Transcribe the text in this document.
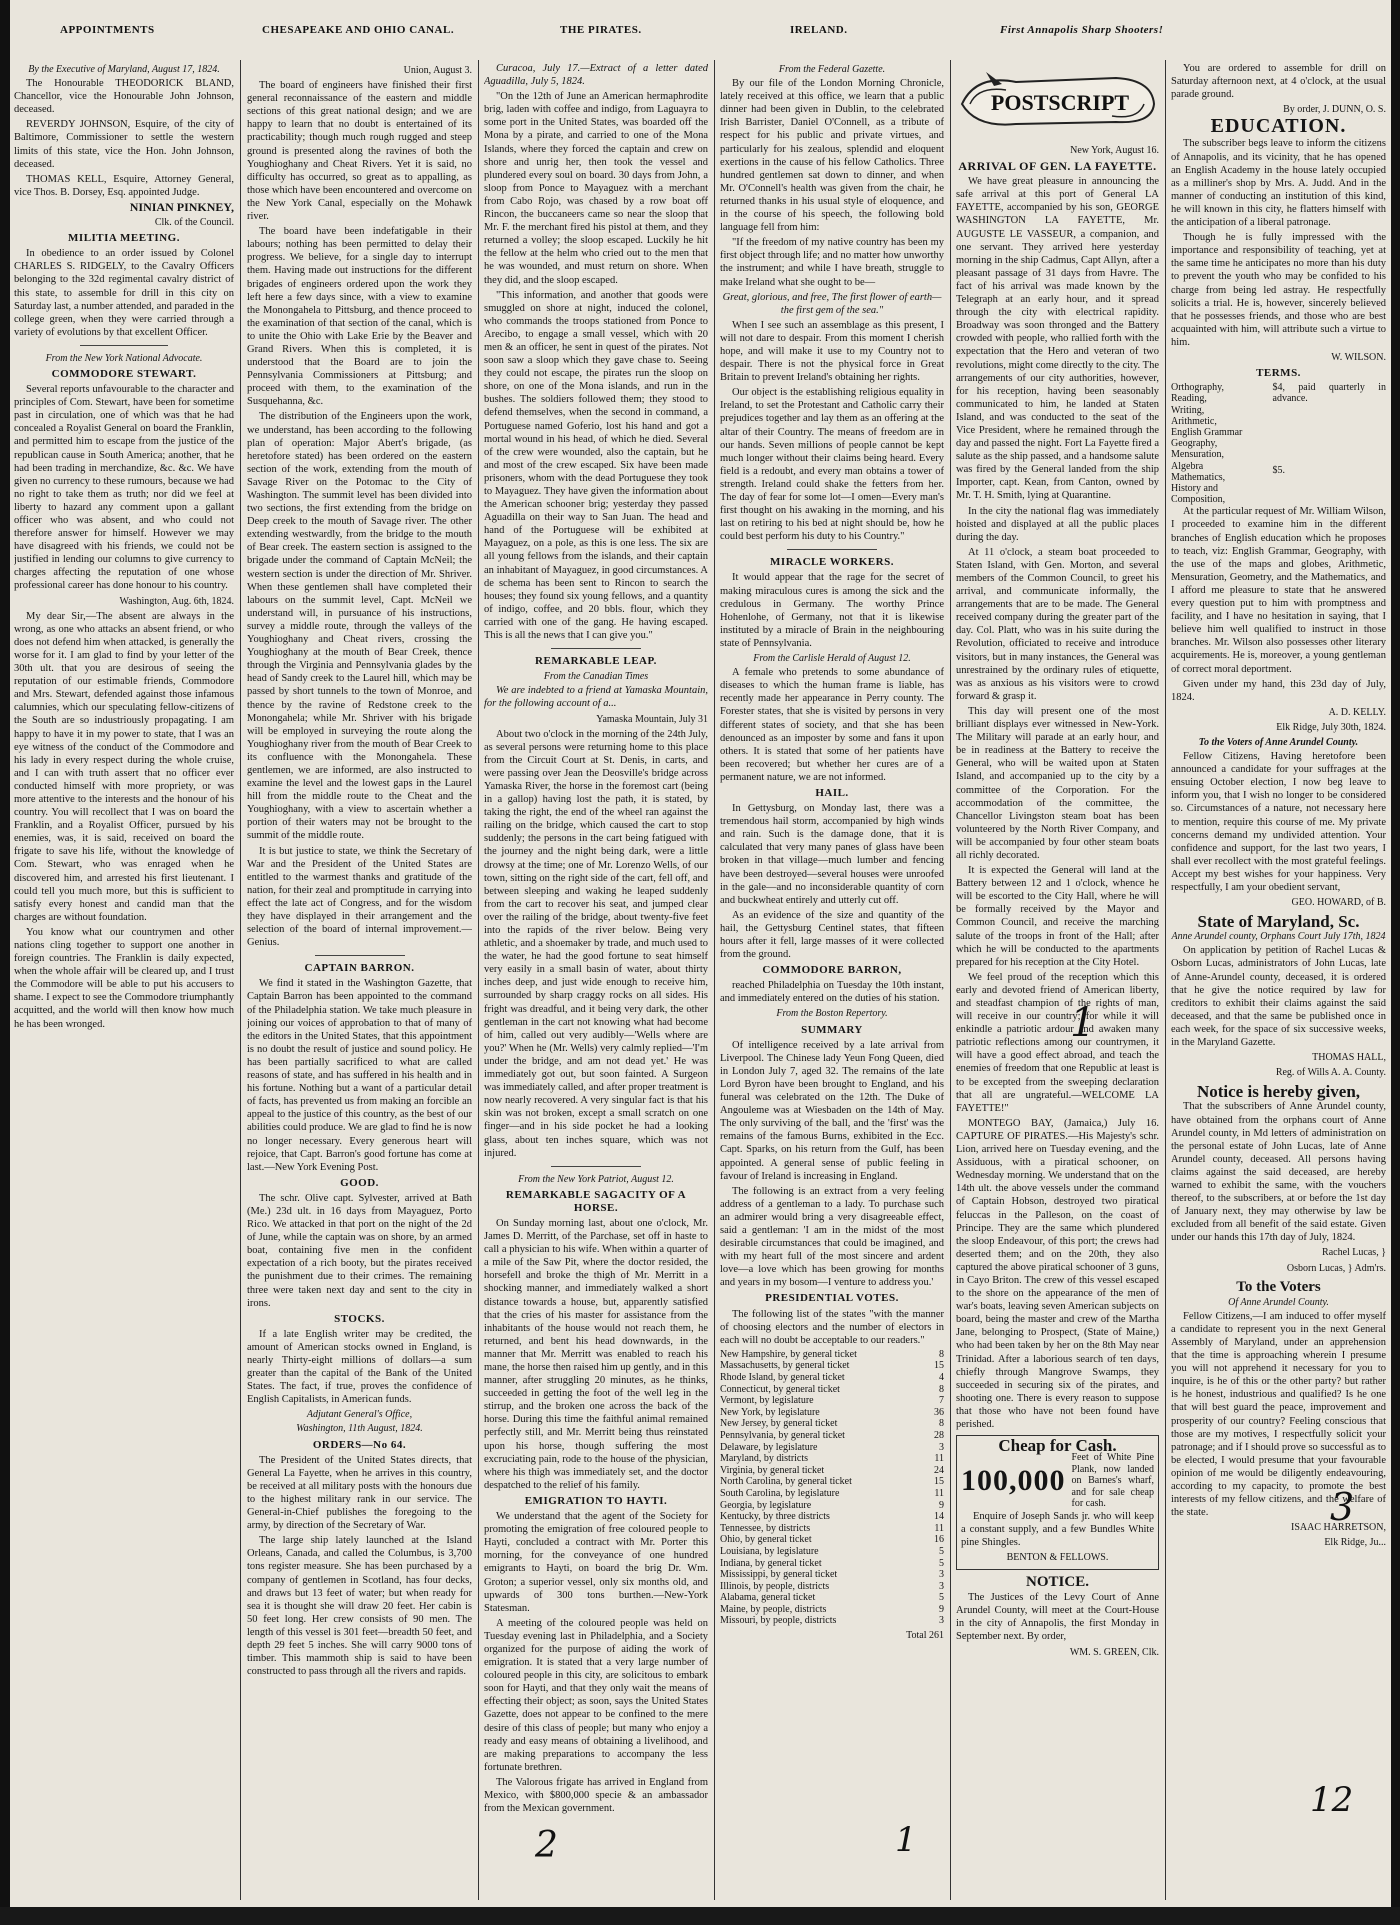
APPOINTMENTS	CHESAPEAKE AND OHIO CANAL.	THE PIRATES.	IRELAND.	First Annapolis Sharp Shooters!
By the Executive of Maryland, August 17, 1824.

The Honourable THEODORICK BLAND, Chancellor, vice the Honourable John Johnson, deceased.

REVERDY JOHNSON, Esquire, of the city of Baltimore, Commissioner to settle the western limits of this state, vice the Hon. John Johnson, deceased.

THOMAS KELL, Esquire, Attorney General, vice Thos. B. Dorsey, Esq. appointed Judge.

NINIAN PINKNEY,
Clk. of the Council.
MILITIA MEETING.

In obedience to an order issued by Colonel CHARLES S. RIDGELY, to the Cavalry Officers belonging to the 32d regimental cavalry district of this state, to assemble for drill in this city on Saturday last, a number attended, and paraded in the college green, when they were carried through a variety of evolutions by that excellent Officer.

From the New York National Advocate.
COMMODORE STEWART.

Several reports unfavourable to the character and principles of Com. Stewart, have been for sometime past in circulation, one of which was that he had concealed a Royalist General on board the Franklin, and permitted him to escape from the justice of the republican cause in South America; another, that he had been trading in merchandize, &c. &c. We have given no currency to these rumours, because we had no right to take them as truth; nor did we feel at liberty to hazard any comment upon a gallant officer who was absent, and who could not therefore answer for himself. However we may have disagreed with his friends, we could not be justified in lending our columns to give currency to charges affecting the reputation of one whose professional career has done honour to his country.

Washington, Aug. 6th, 1824.

My dear Sir,—The absent are always in the wrong, as one who attacks an absent friend, or who does not defend him when attacked, is generally the worse for it. I am glad to find by your letter of the 30th ult. that you are desirous of seeing the reputation of our estimable friends, Commodore and Mrs. Stewart, defended against those infamous calumnies, which our speculating fellow-citizens of the South are so industriously propagating. I am happy to have it in my power to state, that I was an eye witness of the conduct of the Commodore and his lady in every respect during the whole cruise, and I can with truth assert that no officer ever conducted himself with more propriety, or was more attentive to the interests and the honour of his country. You will recollect that I was on board the Franklin, and a Royalist Officer, pursued by his enemies, was, it is said, received on board the frigate to save his life, without the knowledge of Com. Stewart, who was enraged when he discovered him, and arrested his first lieutenant. I could tell you much more, but this is sufficient to satisfy every honest and candid man that the charges are without foundation.

You know what our countrymen and other nations cling together to support one another in foreign countries. The Franklin is daily expected, when the whole affair will be cleared up, and I trust the Commodore will be able to put his accusers to shame. I expect to see the Commodore triumphantly acquitted, and the world will then know how much he has been wronged.

Union, August 3.

The board of engineers have finished their first general reconnaissance of the eastern and middle sections of this great national design; and we are happy to learn that no doubt is entertained of its practicability; though much rough rugged and steep ground is presented along the ravines of both the Youghioghany and Cheat Rivers. Yet it is said, no difficulty has occurred, so great as to appalling, as those which have been encountered and overcome on the New York Canal, especially on the Mohawk river.

The board have been indefatigable in their labours; nothing has been permitted to delay their progress. We believe, for a single day to interrupt them. Having made out instructions for the different brigades of engineers ordered upon the work they left here a few days since, with a view to examine the Monongahela to Pittsburg, and thence proceed to the examination of that section of the canal, which is to unite the Ohio with Lake Erie by the Beaver and Grand Rivers. When this is completed, it is understood that the Board are to join the Pennsylvania Commissioners at Pittsburg; and proceed with them, to the examination of the Susquehanna, &c.

The distribution of the Engineers upon the work, we understand, has been according to the following plan of operation: Major Abert's brigade, (as heretofore stated) has been ordered on the eastern section of the work, extending from the mouth of Savage River on the Potomac to the City of Washington. The summit level has been divided into two sections, the first extending from the bridge on Deep creek to the mouth of Savage river. The other extending westwardly, from the bridge to the mouth of Bear creek. The eastern section is assigned to the brigade under the command of Captain McNeil; the western section is under the direction of Mr. Shriver. When these gentlemen shall have completed their labours on the summit level, Capt. McNeil we understand will, in pursuance of his instructions, survey a middle route, through the valleys of the Youghioghany and Cheat rivers, crossing the Youghioghany at the mouth of Bear Creek, thence through the Virginia and Pennsylvania glades by the head of Sandy creek to the Laurel hill, which may be passed by short tunnels to the town of Monroe, and thence by the ravine of Redstone creek to the Monongahela; while Mr. Shriver with his brigade will be employed in surveying the route along the Youghioghany river from the mouth of Bear Creek to its confluence with the Monongahela. These gentlemen, we are informed, are also instructed to examine the level and the lowest gaps in the Laurel hill from the middle route to the Cheat and the Youghioghany, with a view to ascertain whether a portion of their waters may not be brought to the summit of the middle route.

It is but justice to state, we think the Secretary of War and the President of the United States are entitled to the warmest thanks and gratitude of the nation, for their zeal and promptitude in carrying into effect the late act of Congress, and for the wisdom they have displayed in their arrangement and the selection of the board of internal improvement.—Genius.

CAPTAIN BARRON.

We find it stated in the Washington Gazette, that Captain Barron has been appointed to the command of the Philadelphia station. We take much pleasure in joining our voices of approbation to that of many of the editors in the United States, that this appointment is no doubt the result of justice and sound policy. He has been partially sacrificed to what are called reasons of state, and has suffered in his health and in his fortune. Nothing but a want of a particular detail of facts, has prevented us from making an forcible an appeal to the justice of this country, as the best of our abilities could produce. We are glad to find he is now no longer necessary. Every generous heart will rejoice, that Capt. Barron's good fortune has come at last.—New York Evening Post.

GOOD.

The schr. Olive capt. Sylvester, arrived at Bath (Me.) 23d ult. in 16 days from Mayaguez, Porto Rico. We attacked in that port on the night of the 2d of June, while the captain was on shore, by an armed boat, containing five men in the confident expectation of a rich booty, but the pirates received the punishment due to their crimes. The remaining three were taken next day and sent to the city in irons.

STOCKS.

If a late English writer may be credited, the amount of American stocks owned in England, is nearly Thirty-eight millions of dollars—a sum greater than the capital of the Bank of the United States. The fact, if true, proves the confidence of English Capitalists, in American funds.

Adjutant General's Office,
Washington, 11th August, 1824.
ORDERS—No 64.

The President of the United States directs, that General La Fayette, when he arrives in this country, be received at all military posts with the honours due to the highest military rank in our service. The General-in-Chief publishes the foregoing to the army, by direction of the Secretary of War.

The large ship lately launched at the Island Orleans, Canada, and called the Columbus, is 3,700 tons register measure. She has been purchased by a company of gentlemen in Scotland, has four decks, and draws but 13 feet of water; but when ready for sea it is thought she will draw 20 feet. Her cabin is 50 feet long. Her crew consists of 90 men. The length of this vessel is 301 feet—breadth 50 feet, and depth 29 feet 5 inches. She will carry 9000 tons of timber. This mammoth ship is said to have been constructed to pass through all the rivers and rapids.

Curacoa, July 17.—Extract of a letter dated Aguadilla, July 5, 1824.

"On the 12th of June an American hermaphrodite brig, laden with coffee and indigo, from Laguayra to some port in the United States, was boarded off the Mona by a pirate, and carried to one of the Mona Islands, where they forced the captain and crew on shore and unrig her, then took the vessel and plundered every soul on board. 30 days from John, a sloop from Ponce to Mayaguez with a merchant from Cabo Rojo, was chased by a row boat off Rincon, the buccaneers came so near the sloop that Mr. F. the merchant fired his pistol at them, and they returned a volley; the sloop escaped. Luckily he hit the fellow at the helm who cried out to the men that he was wounded, and must return on shore. When they did, and the sloop escaped.

"This information, and another that goods were smuggled on shore at night, induced the colonel, who commands the troops stationed from Ponce to Arecibo, to engage a small vessel, which with 20 men & an officer, he sent in quest of the pirates. Not soon saw a sloop which they gave chase to. Seeing they could not escape, the pirates run the sloop on shore, on one of the Mona islands, and run in the bushes. The soldiers followed them; they stood to defend themselves, when the second in command, a Portuguese named Goferio, lost his hand and got a mortal wound in his head, of which he died. Several of the crew were wounded, also the captain, but he and most of the crew escaped. Six have been made prisoners, whom with the dead Portuguese they took to Mayaguez. They have given the information about the American schooner brig; yesterday they passed Aguadilla on their way to San Juan. The head and hand of the Portuguese will be exhibited at Mayaguez, on a pole, as this is one less. The six are all young fellows from the islands, and their captain an inhabitant of Mayaguez, in good circumstances. A de schema has been sent to Rincon to search the houses; they found six young fellows, and a quantity of indigo, coffee, and 20 bbls. flour, which they carried with one of the gang. He having escaped. This is all the news that I can give you."

REMARKABLE LEAP.
From the Canadian Times

We are indebted to a friend at Yamaska Mountain, for the following account of a...

Yamaska Mountain, July 31

About two o'clock in the morning of the 24th July, as several persons were returning home to this place from the Circuit Court at St. Denis, in carts, and were passing over Jean the Deosville's bridge across Yamaska River, the horse in the foremost cart (being in a gallop) having lost the path, it is stated, by taking the right, the end of the wheel ran against the railing on the bridge, which caused the cart to stop suddenly; the persons in the cart being fatigued with the journey and the night being dark, were a little drowsy at the time; one of Mr. Lorenzo Wells, of our town, sitting on the right side of the cart, fell off, and between sleeping and waking he leaped suddenly from the cart to recover his seat, and jumped clear over the railing of the bridge, about twenty-five feet into the rapids of the river below. Being very athletic, and a shoemaker by trade, and much used to the water, he had the good fortune to seat himself very easily in a small basin of water, about thirty inches deep, and just wide enough to receive him, surrounded by sharp craggy rocks on all sides. His fright was dreadful, and it being very dark, the other gentleman in the cart not knowing what had become of him, called out very audibly—'Wells where are you?' When he (Mr. Wells) very calmly replied—'I'm under the bridge, and am not dead yet.' He was immediately got out, but soon fainted. A Surgeon was immediately called, and after proper treatment is now nearly recovered. A very singular fact is that his skin was not broken, except a small scratch on one finger—and in his side pocket he had a looking glass, about ten inches square, which was not injured.

From the New York Patriot, August 12.
REMARKABLE SAGACITY OF A HORSE.

On Sunday morning last, about one o'clock, Mr. James D. Merritt, of the Parchase, set off in haste to call a physician to his wife. When within a quarter of a mile of the Saw Pit, where the doctor resided, the horsefell and broke the thigh of Mr. Merritt in a shocking manner, and immediately walked a short distance towards a house, but, apparently satisfied that the cries of his master for assistance from the inhabitants of the house would not reach them, he returned, and bent his head downwards, in the manner that Mr. Merritt was enabled to reach his mane, the horse then raised him up gently, and in this manner, after struggling 20 minutes, as he thinks, succeeded in getting the foot of the well leg in the stirrup, and the broken one across the back of the horse. During this time the faithful animal remained perfectly still, and Mr. Merritt being thus reinstated upon his horse, though suffering the most excruciating pain, rode to the house of the physician, where his thigh was immediately set, and the doctor despatched to the relief of his family.

EMIGRATION TO HAYTI.

We understand that the agent of the Society for promoting the emigration of free coloured people to Hayti, concluded a contract with Mr. Porter this morning, for the conveyance of one hundred emigrants to Hayti, on board the brig Dr. Wm. Groton; a superior vessel, only six months old, and upwards of 300 tons burthen.—New-York Statesman.

A meeting of the coloured people was held on Tuesday evening last in Philadelphia, and a Society organized for the purpose of aiding the work of emigration. It is stated that a very large number of coloured people in this city, are solicitous to embark soon for Hayti, and that they only wait the means of effecting their object; as soon, says the United States Gazette, does not appear to be confined to the mere desire of this class of people; but many who enjoy a ready and easy means of obtaining a livelihood, and are making preparations to accompany the less fortunate brethren.

The Valorous frigate has arrived in England from Mexico, with $800,000 specie & an ambassador from the Mexican government.

From the Federal Gazette.

By our file of the London Morning Chronicle, lately received at this office, we learn that a public dinner had been given in Dublin, to the celebrated Irish Barrister, Daniel O'Connell, as a tribute of respect for his public and private virtues, and particularly for his zealous, splendid and eloquent exertions in the cause of his fellow Catholics. Three hundred gentlemen sat down to dinner, and when Mr. O'Connell's health was given from the chair, he returned thanks in his usual style of eloquence, and in the course of his speech, the following bold language fell from him:

"If the freedom of my native country has been my first object through life; and no matter how unworthy the instrument; and while I have breath, struggle to make Ireland what she ought to be—

Great, glorious, and free, The first flower of earth—the first gem of the sea."

When I see such an assemblage as this present, I will not dare to despair. From this moment I cherish hope, and will make it use to my Country not to despair. There is not the physical force in Great Britain to prevent Ireland's obtaining her rights.

Our object is the establishing religious equality in Ireland, to set the Protestant and Catholic carry their prejudices together and lay them as an offering at the altar of their Country. The means of freedom are in our hands. Seven millions of people cannot be kept much longer without their claims being heard. Every field is a redoubt, and every man obtains a tower of strength. Ireland could shake the fetters from her. The day of fear for some lot—I omen—Every man's first thought on his awaking in the morning, and his last on retiring to his bed at night should be, how he could best perform his duty to his Country."

MIRACLE WORKERS.

It would appear that the rage for the secret of making miraculous cures is among the sick and the credulous in Germany. The worthy Prince Hohenlohe, of Germany, not that it is likewise instituted by a miracle of Brain in the neighbouring state of Pennsylvania.

From the Carlisle Herald of August 12.

A female who pretends to some abundance of diseases to which the human frame is liable, has recently made her appearance in Perry county. The Forester states, that she is visited by persons in very different states of society, and that she has been denounced as an imposter by some and fans it upon others. It is stated that some of her patients have been recovered; but whether her cures are of a permanent nature, we are not informed.

HAIL.

In Gettysburg, on Monday last, there was a tremendous hail storm, accompanied by high winds and rain. Such is the damage done, that it is calculated that very many panes of glass have been broken in that village—much lumber and fencing have been destroyed—several houses were unroofed in the gale—and no inconsiderable quantity of corn and buckwheat entirely and utterly cut off.

As an evidence of the size and quantity of the hail, the Gettysburg Centinel states, that fifteen hours after it fell, large masses of it were collected from the ground.

COMMODORE BARRON,

reached Philadelphia on Tuesday the 10th instant, and immediately entered on the duties of his station.

From the Boston Repertory.
SUMMARY

Of intelligence received by a late arrival from Liverpool. The Chinese lady Yeun Fong Queen, died in London July 7, aged 32. The remains of the late Lord Byron have been brought to England, and his funeral was celebrated on the 12th. The Duke of Angouleme was at Wiesbaden on the 14th of May. The only surviving of the ball, and the 'first' was the remains of the famous Burns, exhibited in the Ecc. Capt. Sparks, on his return from the Gulf, has been appointed. A general sense of public feeling in favour of Ireland is increasing in England.

The following is an extract from a very feeling address of a gentleman to a lady. To purchase such an admirer would bring a very disagreeable effect, said a gentleman: 'I am in the midst of the most desirable circumstances that could be imagined, and with my heart full of the most sincere and ardent love—a love which has been growing for months and years in my bosom—I venture to address you.'

PRESIDENTIAL VOTES.

The following list of the states "with the manner of choosing electors and the number of electors in each will no doubt be acceptable to our readers."

New Hampshire, by general ticket	8
Massachusetts, by general ticket	15
Rhode Island, by general ticket	4
Connecticut, by general ticket	8
Vermont, by legislature	7
New York, by legislature	36
New Jersey, by general ticket	8
Pennsylvania, by general ticket	28
Delaware, by legislature	3
Maryland, by districts	11
Virginia, by general ticket	24
North Carolina, by general ticket	15
South Carolina, by legislature	11
Georgia, by legislature	9
Kentucky, by three districts	14
Tennessee, by districts	11
Ohio, by general ticket	16
Louisiana, by legislature	5
Indiana, by general ticket	5
Mississippi, by general ticket	3
Illinois, by people, districts	3
Alabama, general ticket	5
Maine, by people, districts	9
Missouri, by people, districts	3
Total 261
POSTSCRIPT
New York, August 16.
ARRIVAL OF GEN. LA FAYETTE.

We have great pleasure in announcing the safe arrival at this port of General LA FAYETTE, accompanied by his son, GEORGE WASHINGTON LA FAYETTE, Mr. AUGUSTE LE VASSEUR, a companion, and one servant. They arrived here yesterday morning in the ship Cadmus, Capt Allyn, after a pleasant passage of 31 days from Havre. The fact of his arrival was made known by the Telegraph at an early hour, and it spread through the city with electrical rapidity. Broadway was soon thronged and the Battery crowded with people, who rallied forth with the expectation that the Hero and veteran of two revolutions, might come directly to the city. The arrangements of our city authorities, however, for his reception, having been seasonably communicated to him, he landed at Staten Island, and was conducted to the seat of the Vice President, where he remained through the day and passed the night. Fort La Fayette fired a salute as the ship passed, and a handsome salute was fired by the General landed from the ship Importer, capt. Kean, from Canton, owned by Mr. T. H. Smith, lying at Quarantine.

In the city the national flag was immediately hoisted and displayed at all the public places during the day.

At 11 o'clock, a steam boat proceeded to Staten Island, with Gen. Morton, and several members of the Common Council, to greet his arrival, and communicate informally, the arrangements that are to be made. The General received company during the greater part of the day. Col. Platt, who was in his suite during the Revolution, officiated to receive and introduce visitors, but in many instances, the General was unrestrained by the ordinary rules of etiquette, was as anxious as his visitors were to crowd forward & grasp it.

This day will present one of the most brilliant displays ever witnessed in New-York. The Military will parade at an early hour, and be in readiness at the Battery to receive the General, who will be waited upon at Staten Island, and accompanied up to the city by a committee of the Corporation. For the accommodation of the committee, the Chancellor Livingston steam boat has been volunteered by the North River Company, and will be accompanied by four other steam boats all richly decorated.

It is expected the General will land at the Battery between 12 and 1 o'clock, whence he will be escorted to the City Hall, where he will be formally received by the Mayor and Common Council, and receive the marching salute of the troops in front of the Hall; after which he will be conducted to the apartments prepared for his reception at the City Hotel.

We feel proud of the reception which this early and devoted friend of American liberty, and steadfast champion of the rights of man, will receive in our country; for while it will enkindle a patriotic ardour and awaken many patriotic reflections among our countrymen, it will have a good effect abroad, and teach the enemies of freedom that one Republic at least is to be excepted from the sweeping declaration that all are ungrateful.—WELCOME LA FAYETTE!"

MONTEGO BAY, (Jamaica,) July 16. CAPTURE OF PIRATES.—His Majesty's schr. Lion, arrived here on Tuesday evening, and the Assiduous, with a piratical schooner, on Wednesday morning. We understand that on the 14th ult. the above vessels under the command of Captain Hobson, destroyed two piratical feluccas in the Palleson, on the coast of Principe. They are the same which plundered the sloop Endeavour, of this port; the crews had deserted them; and on the 20th, they also captured the above piratical schooner of 3 guns, in Cayo Briton. The crew of this vessel escaped to the shore on the appearance of the men of war's boats, leaving seven American subjects on board, being the master and crew of the Martha Jane, belonging to Prospect, (State of Maine,) who had been taken by her on the 8th May near Trinidad. After a laborious search of ten days, chiefly through Mangrove Swamps, they succeeded in securing six of the pirates, and shooting one. There is every reason to suppose that those who have not been found have perished.

Cheap for Cash.
100,000
Feet of White Pine Plank, now landed on Barnes's wharf, and for sale cheap for cash.

Enquire of Joseph Sands jr. who will keep a constant supply, and a few Bundles White pine Shingles.

BENTON & FELLOWS.
NOTICE.

The Justices of the Levy Court of Anne Arundel County, will meet at the Court-House in the city of Annapolis, the first Monday in September next. By order,

WM. S. GREEN, Clk.

You are ordered to assemble for drill on Saturday afternoon next, at 4 o'clock, at the usual parade ground.

By order, J. DUNN, O. S.
EDUCATION.

The subscriber begs leave to inform the citizens of Annapolis, and its vicinity, that he has opened an English Academy in the house lately occupied as a milliner's shop by Mrs. A. Judd. And in the manner of conducting an institution of this kind, he will known in this city, he flatters himself with the anticipation of a liberal patronage.

Though he is fully impressed with the importance and responsibility of teaching, yet at the same time he anticipates no more than his duty to prevent the youth who may be confided to his charge from being led astray. He respectfully solicits a trial. He is, however, sincerely believed that he possesses friends, and those who are best acquainted with him, will attribute such a virtue to him.

W. WILSON.
TERMS.
Orthography,
Reading,
Writing,
Arithmetic,
English Grammar
Geography,
Mensuration,
Algebra
Mathematics,
History and
Composition,
$4, paid quarterly in advance.
$5.

At the particular request of Mr. William Wilson, I proceeded to examine him in the different branches of English education which he proposes to teach, viz: English Grammar, Geography, with the use of the maps and globes, Arithmetic, Mensuration, Geometry, and the Mathematics, and I afford me pleasure to state that he answered every question put to him with promptness and facility, and I have no hesitation in saying, that I believe him well qualified to instruct in those branches. Mr. Wilson also possesses other literary acquirements. He is, moreover, a young gentleman of correct moral deportment.

Given under my hand, this 23d day of July, 1824.

A. D. KELLY.
Elk Ridge, July 30th, 1824.
To the Voters of Anne Arundel County.

Fellow Citizens, Having heretofore been announced a candidate for your suffrages at the ensuing October election, I now beg leave to inform you, that I wish no longer to be considered so. Circumstances of a nature, not necessary here to mention, require this course of me. My private concerns demand my undivided attention. Your confidence and support, for the last two years, I shall ever recollect with the most grateful feelings. Accept my best wishes for your happiness. Very respectfully, I am your obedient servant,

GEO. HOWARD, of B.
State of Maryland, Sc.
Anne Arundel county, Orphans Court July 17th, 1824

On application by petition of Rachel Lucas & Osborn Lucas, administrators of John Lucas, late of Anne-Arundel county, deceased, it is ordered that he give the notice required by law for creditors to exhibit their claims against the said deceased, and that the same be published once in each week, for the space of six successive weeks, in the Maryland Gazette.

THOMAS HALL,
Reg. of Wills A. A. County.
Notice is hereby given,

That the subscribers of Anne Arundel county, have obtained from the orphans court of Anne Arundel county, in Md letters of administration on the personal estate of John Lucas, late of Anne Arundel county, deceased. All persons having claims against the said deceased, are hereby warned to exhibit the same, with the vouchers thereof, to the subscribers, at or before the 1st day of January next, they may otherwise by law be excluded from all benefit of the said estate. Given under our hands this 17th day of July, 1824.

Rachel Lucas, }
Osborn Lucas, } Adm'rs.
To the Voters
Of Anne Arundel County.

Fellow Citizens,—I am induced to offer myself a candidate to represent you in the next General Assembly of Maryland, under an apprehension that the time is approaching wherein I presume you will not apprehend it necessary for you to inquire, is he of this or the other party? but rather is he honest, industrious and qualified? Is he one that will best guard the peace, improvement and prosperity of our country? Feeling conscious that those are my motives, I respectfully solicit your patronage; and if I should prove so successful as to be elected, I would presume that your favourable opinion of me would be diligently endeavouring, according to my capacity, to promote the best interests of my fellow citizens, and the welfare of the state.

ISAAC HARRETSON,
Elk Ridge, Ju...
1
3
2	1
12
